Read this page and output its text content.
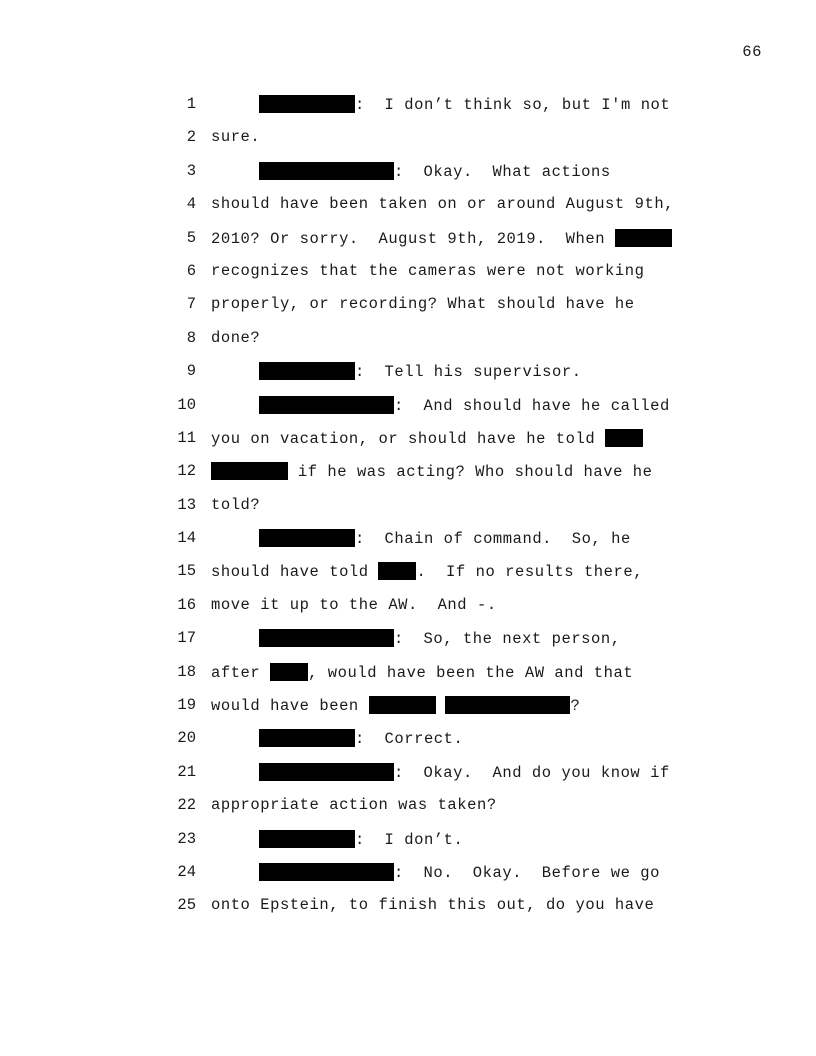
66
1	:  I don’t think so, but I'm not
2 sure.
3	:  Okay.  What actions
4 should have been taken on or around August 9th,
5 2010? Or sorry.  August 9th, 2019.  When
6 recognizes that the cameras were not working
7 properly, or recording? What should have he
8 done?
9	:  Tell his supervisor.
10	:  And should have he called
11 you on vacation, or should have he told
12	if he was acting? Who should have he
13 told?
14	:  Chain of command.  So, he
15 should have told .  If no results there,
16 move it up to the AW.  And -.
17	:  So, the next person,
18 after , would have been the AW and that
19 would have been	?
20	:  Correct.
21	:  Okay.  And do you know if
22 appropriate action was taken?
23	:  I don’t.
24	:  No.  Okay.  Before we go
25 onto Epstein, to finish this out, do you have
